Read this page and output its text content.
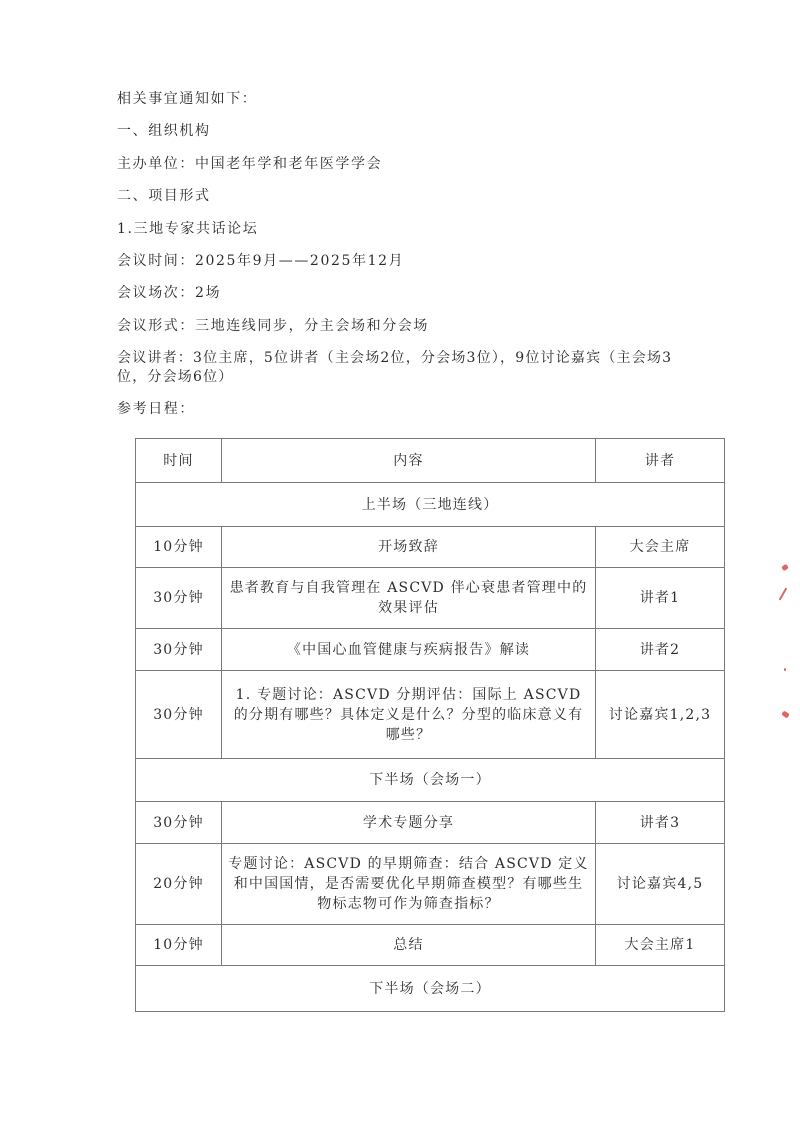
相关事宜通知如下：
一、组织机构
主办单位：中国老年学和老年医学学会
二、项目形式
1.三地专家共话论坛
会议时间：2025年9月——2025年12月
会议场次：2场
会议形式：三地连线同步，分主会场和分会场
会议讲者：3位主席，5位讲者（主会场2位，分会场3位），9位讨论嘉宾（主会场3位，分会场6位）
参考日程：
时间	内容	讲者
上半场（三地连线）		
10分钟	开场致辞	大会主席
30分钟	患者教育与自我管理在 ASCVD 伴心衰患者管理中的效果评估	讲者1
30分钟	《中国心血管健康与疾病报告》解读	讲者2
30分钟	1. 专题讨论：ASCVD 分期评估：国际上 ASCVD 的分期有哪些？具体定义是什么？分型的临床意义有哪些？	讨论嘉宾1,2,3
下半场（会场一）		
30分钟	学术专题分享	讲者3
20分钟	专题讨论：ASCVD 的早期筛查：结合 ASCVD 定义和中国国情，是否需要优化早期筛查模型？有哪些生物标志物可作为筛查指标？	讨论嘉宾4,5
10分钟	总结	大会主席1
下半场（会场二）		
